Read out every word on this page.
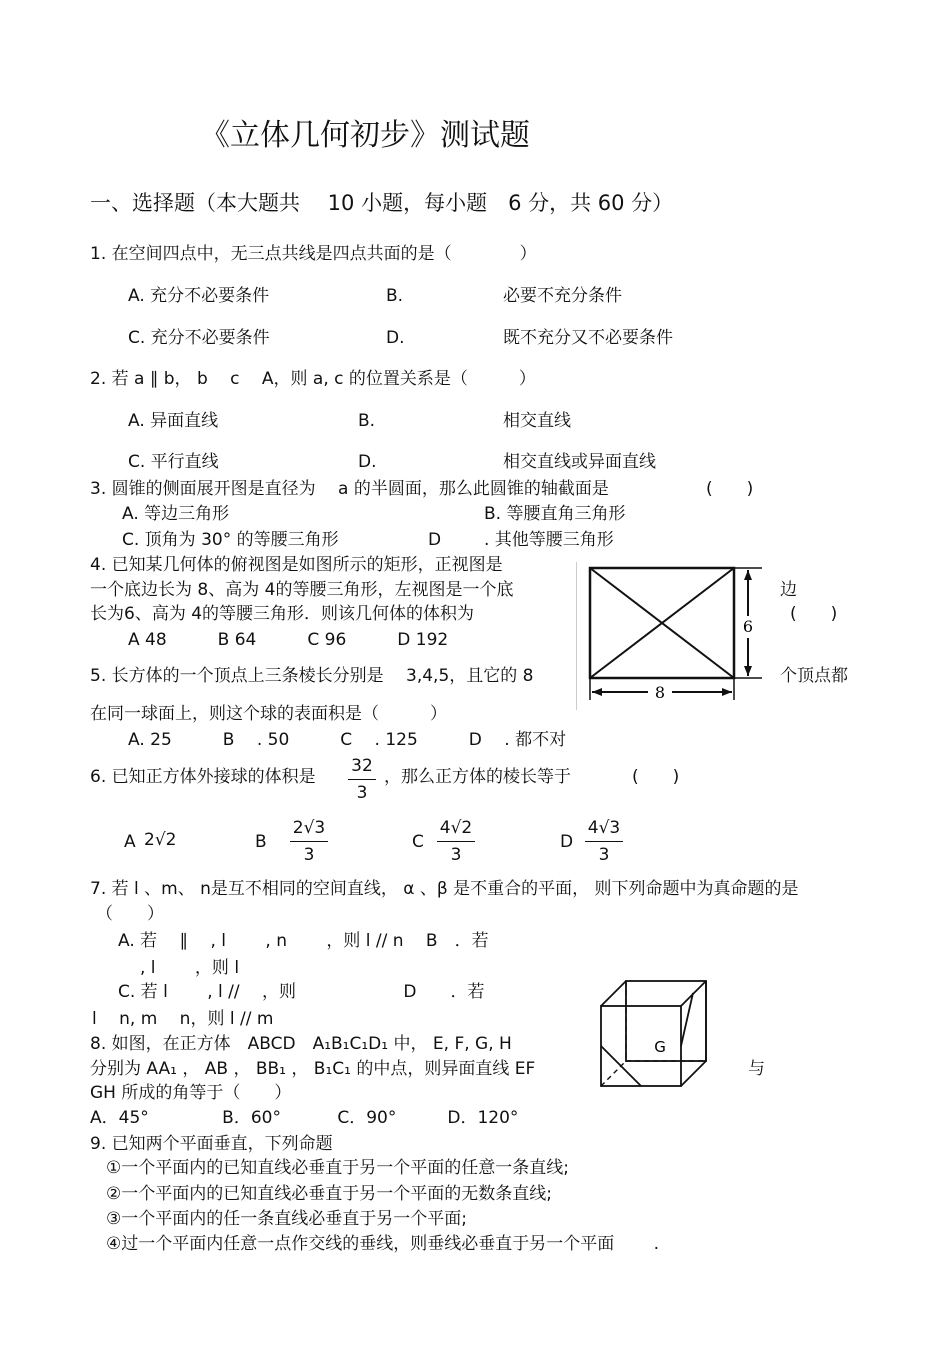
《立体几何初步》测试题
一、选择题（本大题共　 10 小题，每小题　6 分，共 60 分）
1. 在空间四点中，无三点共线是四点共面的是（　　　　）
A. 充分不必要条件	B.	必要不充分条件
C. 充分不必要条件	D.	既不充分又不必要条件
2. 若 a ∥ b， b　 c　 A，则 a, c 的位置关系是（　　　）
A. 异面直线	B.	相交直线
C. 平行直线	D.	相交直线或异面直线
3. 圆锥的侧面展开图是直径为　 a 的半圆面，那么此圆锥的轴截面是	(　　)
A. 等边三角形	B. 等腰直角三角形
C. 顶角为 30° 的等腰三角形	D	. 其他等腰三角形
4. 已知某几何体的俯视图是如图所示的矩形，正视图是
一个底边长为 8、高为 4的等腰三角形，左视图是一个底	边
长为6、高为 4的等腰三角形．则该几何体的体积为	(　　)
A 48　　　B 64　　　C 96　　　D 192
6
8
5. 长方体的一个顶点上三条棱长分别是　 3,4,5，且它的 8	个顶点都
在同一球面上，则这个球的表面积是（　　　）
A. 25　　　B　 . 50　　　C　 . 125　　　D　 . 都不对
6. 已知正方体外接球的体积是
32
3
，那么正方体的棱长等于	(　　)
A 2√2	B
2√3
3
C
4√2
3
D
4√3
3
7. 若 l 、m、 n是互不相同的空间直线， α 、β 是不重合的平面， 则下列命题中为真命题的是
（　　）
A. 若　 ∥　 , l　　 , n　　 ，则 l // n　 B　．若
, l　　 ，则 l
C. 若 l　　 , l //　 ，则　　　　　　 D　　．若
l　 n, m　 n，则 l // m
G
8. 如图，在正方体　ABCD　A₁B₁C₁D₁ 中， E, F, G, H
分别为 AA₁ ， AB ， BB₁ ， B₁C₁ 的中点，则异面直线 EF	与
GH 所成的角等于（　　）
A．45°　　　　 B．60°　　　 C．90°　　　D．120°
9. 已知两个平面垂直，下列命题
①一个平面内的已知直线必垂直于另一个平面的任意一条直线;
②一个平面内的已知直线必垂直于另一个平面的无数条直线;
③一个平面内的任一条直线必垂直于另一个平面;
④过一个平面内任意一点作交线的垂线，则垂线必垂直于另一个平面　　 .
